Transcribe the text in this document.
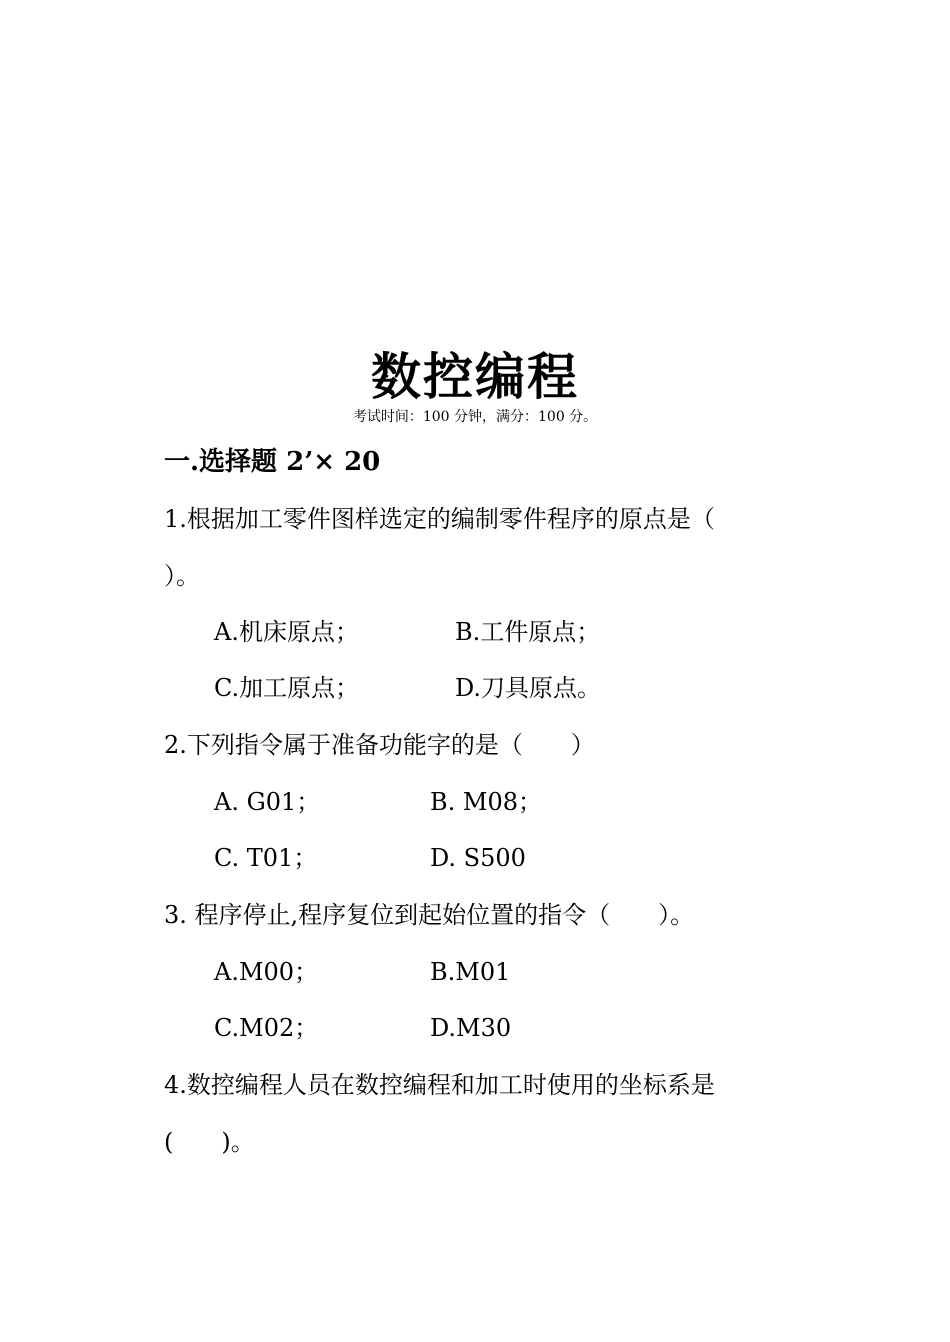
数控编程
考试时间：100 分钟，满分：100 分。
一.选择题 2’× 20
1.根据加工零件图样选定的编制零件程序的原点是（
）。
A.机床原点；	B.工件原点；
C.加工原点；	D.刀具原点。
2.下列指令属于准备功能字的是（　　）
A. G01；	B. M08；
C. T01；	D. S500
3. 程序停止,程序复位到起始位置的指令（　　）。
A.M00；	B.M01
C.M02；	D.M30
4.数控编程人员在数控编程和加工时使用的坐标系是
(　　)。
